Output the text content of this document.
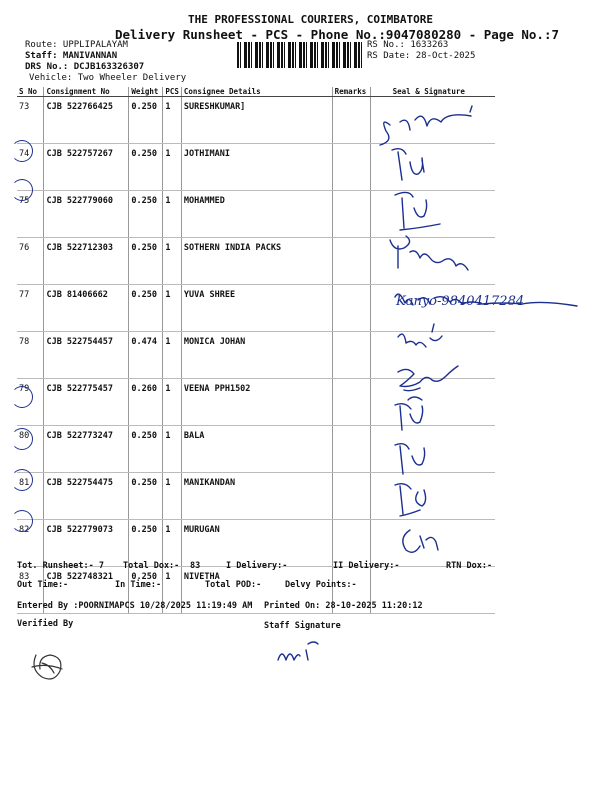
THE PROFESSIONAL COURIERS, COIMBATORE
Delivery Runsheet - PCS - Phone No.:9047080280 - Page No.:7
Route: UPPLIPALAYAM
Staff: MANIVANNAN
DRS No.: DCJB163326307
Vehicle: Two Wheeler Delivery
RS No.: 1633263
RS Date: 28-Oct-2025
S No	Consignment No	Weight	PCS	Consignee Details	Remarks	Seal & Signature
73	CJB 522766425	0.250	1	SURESHKUMAR]		
74	CJB 522757267	0.250	1	JOTHIMANI		
75	CJB 522779060	0.250	1	MOHAMMED		
76	CJB 522712303	0.250	1	SOTHERN INDIA PACKS		
77	CJB 81406662	0.250	1	YUVA SHREE		
78	CJB 522754457	0.474	1	MONICA JOHAN		
79	CJB 522775457	0.260	1	VEENA PPH1502		
80	CJB 522773247	0.250	1	BALA		
81	CJB 522754475	0.250	1	MANIKANDAN		
82	CJB 522779073	0.250	1	MURUGAN		
83	CJB 522748321	0.250	1	NIVETHA		
Kanyo-9840417284
Tot. Runsheet:- 7 Total Dox:- 83	I Delivery:-	II Delivery:-	RTN Dox:-
Out Time:-	In Time:-	Total POD:-	Delvy Points:-
Entered By :POORNIMAPCS 10/28/2025 11:19:49 AM Printed On: 28-10-2025 11:20:12
Verified By	Staff Signature
